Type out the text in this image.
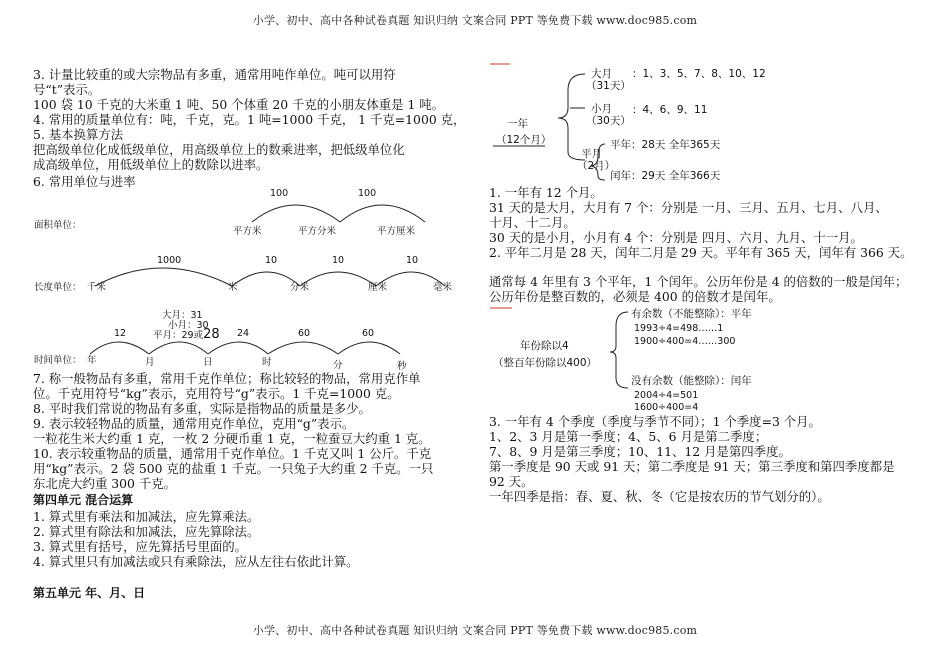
小学、初中、高中各种试卷真题 知识归纳 文案合同 PPT 等免费下载 www.doc985.com
小学、初中、高中各种试卷真题 知识归纳 文案合同 PPT 等免费下载 www.doc985.com
3. 计量比较重的或大宗物品有多重，通常用吨作单位。吨可以用符
号“t”表示。
100 袋 10 千克的大米重 1 吨、50 个体重 20 千克的小朋友体重是 1 吨。
4. 常用的质量单位有：吨，千克，克。1 吨=1000 千克， 1 千克=1000 克，
5. 基本换算方法
把高级单位化成低级单位，用高级单位上的数乘进率，把低级单位化
成高级单位，用低级单位上的数除以进率。
6. 常用单位与进率
面积单位：
100	100
平方米	平方分米	平方厘米
长度单位： 千米	米	分米	厘米	毫米
1000	10	10	10
大月：31
小月：30
平月：29或28
12	24	60	60
时间单位： 年	月	日	时	分	秒
7. 称一般物品有多重，常用千克作单位；称比较轻的物品，常用克作单
位。千克用符号“kg”表示，克用符号“g”表示。1 千克=1000 克。
8. 平时我们常说的物品有多重，实际是指物品的质量是多少。
9. 表示较轻物品的质量，通常用克作单位，克用“g”表示。
一粒花生米大约重 1 克，一枚 2 分硬币重 1 克，一粒蚕豆大约重 1 克。
10. 表示较重物品的质量，通常用千克作单位。1 千克又叫 1 公斤。千克
用“kg”表示。2 袋 500 克的盐重 1 千克。一只兔子大约重 2 千克。一只
东北虎大约重 300 千克。
第四单元 混合运算
1. 算式里有乘法和加减法，应先算乘法。
2. 算式里有除法和加减法，应先算除法。
3. 算式里有括号，应先算括号里面的。
4. 算式里只有加减法或只有乘除法，应从左往右依此计算。
第五单元 年、月、日
一年
（12个月）
大月
（31天）
：1、3、5、7、8、10、12
小月
（30天）
：4、6、9、11
平月
（2月）
平年：28天 全年365天
闰年：29天 全年366天
1. 一年有 12 个月。
31 天的是大月，大月有 7 个：分别是 一月、三月、五月、七月、八月、
十月、十二月。
30 天的是小月，小月有 4 个：分别是 四月、六月、九月、十一月。
2. 平年二月是 28 天，闰年二月是 29 天。平年有 365 天，闰年有 366 天。
通常每 4 年里有 3 个平年，1 个闰年。公历年份是 4 的倍数的一般是闰年；
公历年份是整百数的，必须是 400 的倍数才是闰年。
年份除以4
（整百年份除以400）
有余数（不能整除）：平年
1993÷4=498……1
1900÷400=4……300
没有余数（能整除）：闰年
2004÷4=501
1600÷400=4
3. 一年有 4 个季度（季度与季节不同）；1 个季度=3 个月。
1、2、3 月是第一季度；4、5、6 月是第二季度；
7、8、9 月是第三季度；10、11、12 月是第四季度。
第一季度是 90 天或 91 天；第二季度是 91 天；第三季度和第四季度都是
92 天。
一年四季是指：春、夏、秋、冬（它是按农历的节气划分的）。
